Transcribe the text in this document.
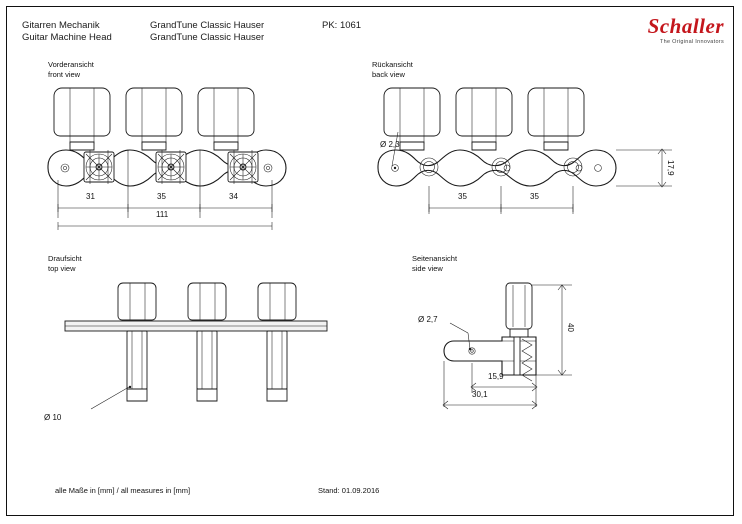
Gitarren Mechanik
Guitar Machine Head
GrandTune Classic Hauser
GrandTune Classic Hauser
PK: 1061	Schaller
The Original Innovators
Vorderansicht
front view
Rückansicht
back view
Draufsicht
top view
Seitenansicht
side view
31	35	34
111
Ø 2,3
17,9
35	35
Ø 10
Ø 2,7
40
15,9
30,1
alle Maße in [mm] / all measures in [mm]	Stand: 01.09.2016
